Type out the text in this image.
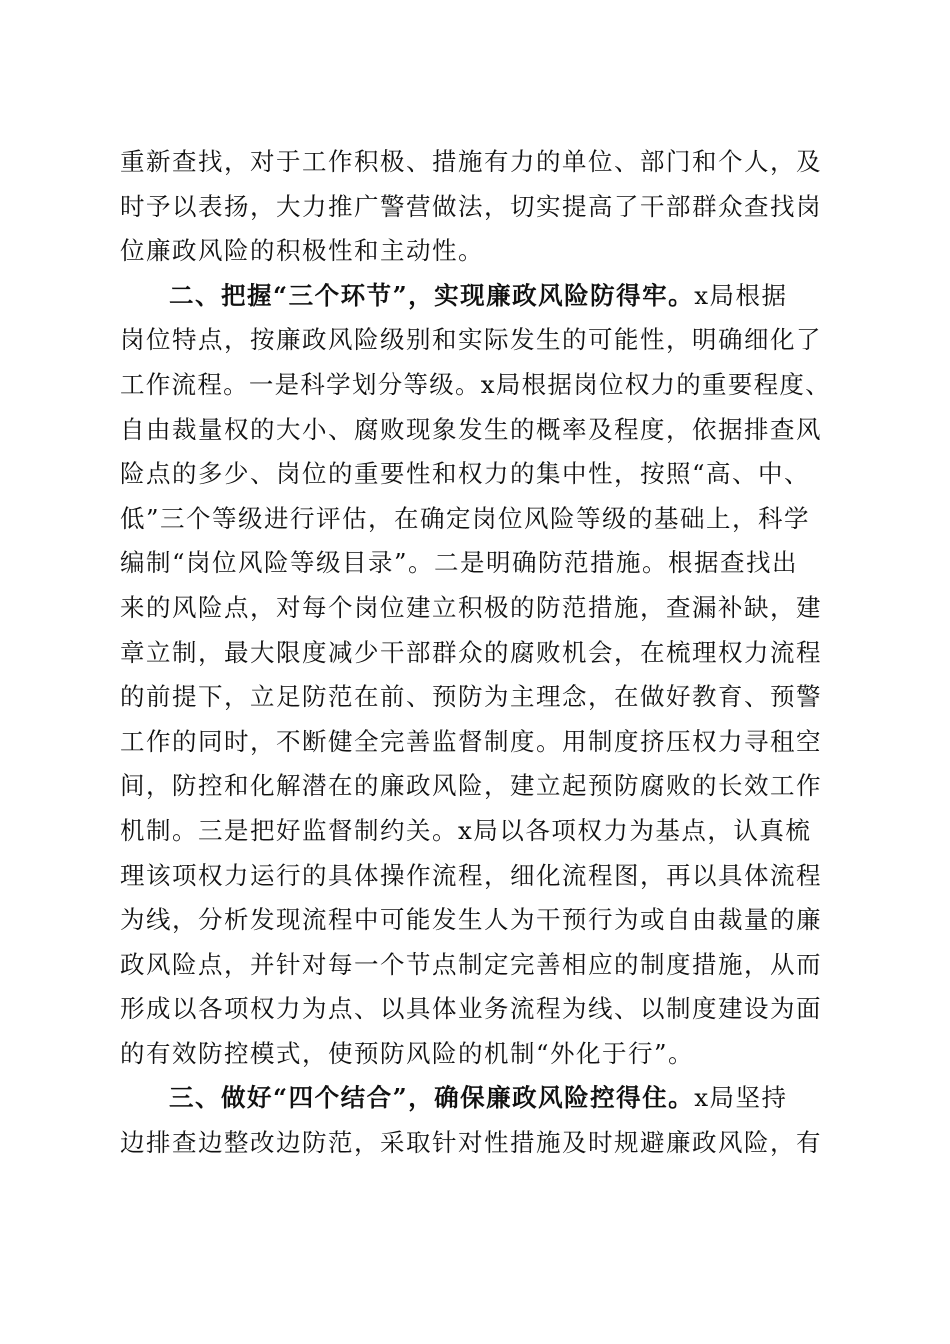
重新查找，对于工作积极、措施有力的单位、部门和个人，及
时予以表扬，大力推广警营做法，切实提高了干部群众查找岗
位廉政风险的积极性和主动性。
二、把握“三个环节”，实现廉政风险防得牢。x局根据
岗位特点，按廉政风险级别和实际发生的可能性，明确细化了
工作流程。一是科学划分等级。x局根据岗位权力的重要程度、
自由裁量权的大小、腐败现象发生的概率及程度，依据排查风
险点的多少、岗位的重要性和权力的集中性，按照“高、中、
低”三个等级进行评估，在确定岗位风险等级的基础上，科学
编制“岗位风险等级目录”。二是明确防范措施。根据查找出
来的风险点，对每个岗位建立积极的防范措施，查漏补缺，建
章立制，最大限度减少干部群众的腐败机会，在梳理权力流程
的前提下，立足防范在前、预防为主理念，在做好教育、预警
工作的同时，不断健全完善监督制度。用制度挤压权力寻租空
间，防控和化解潜在的廉政风险，建立起预防腐败的长效工作
机制。三是把好监督制约关。x局以各项权力为基点，认真梳
理该项权力运行的具体操作流程，细化流程图，再以具体流程
为线，分析发现流程中可能发生人为干预行为或自由裁量的廉
政风险点，并针对每一个节点制定完善相应的制度措施，从而
形成以各项权力为点、以具体业务流程为线、以制度建设为面
的有效防控模式，使预防风险的机制“外化于行”。
三、做好“四个结合”，确保廉政风险控得住。x局坚持
边排查边整改边防范，采取针对性措施及时规避廉政风险，有
